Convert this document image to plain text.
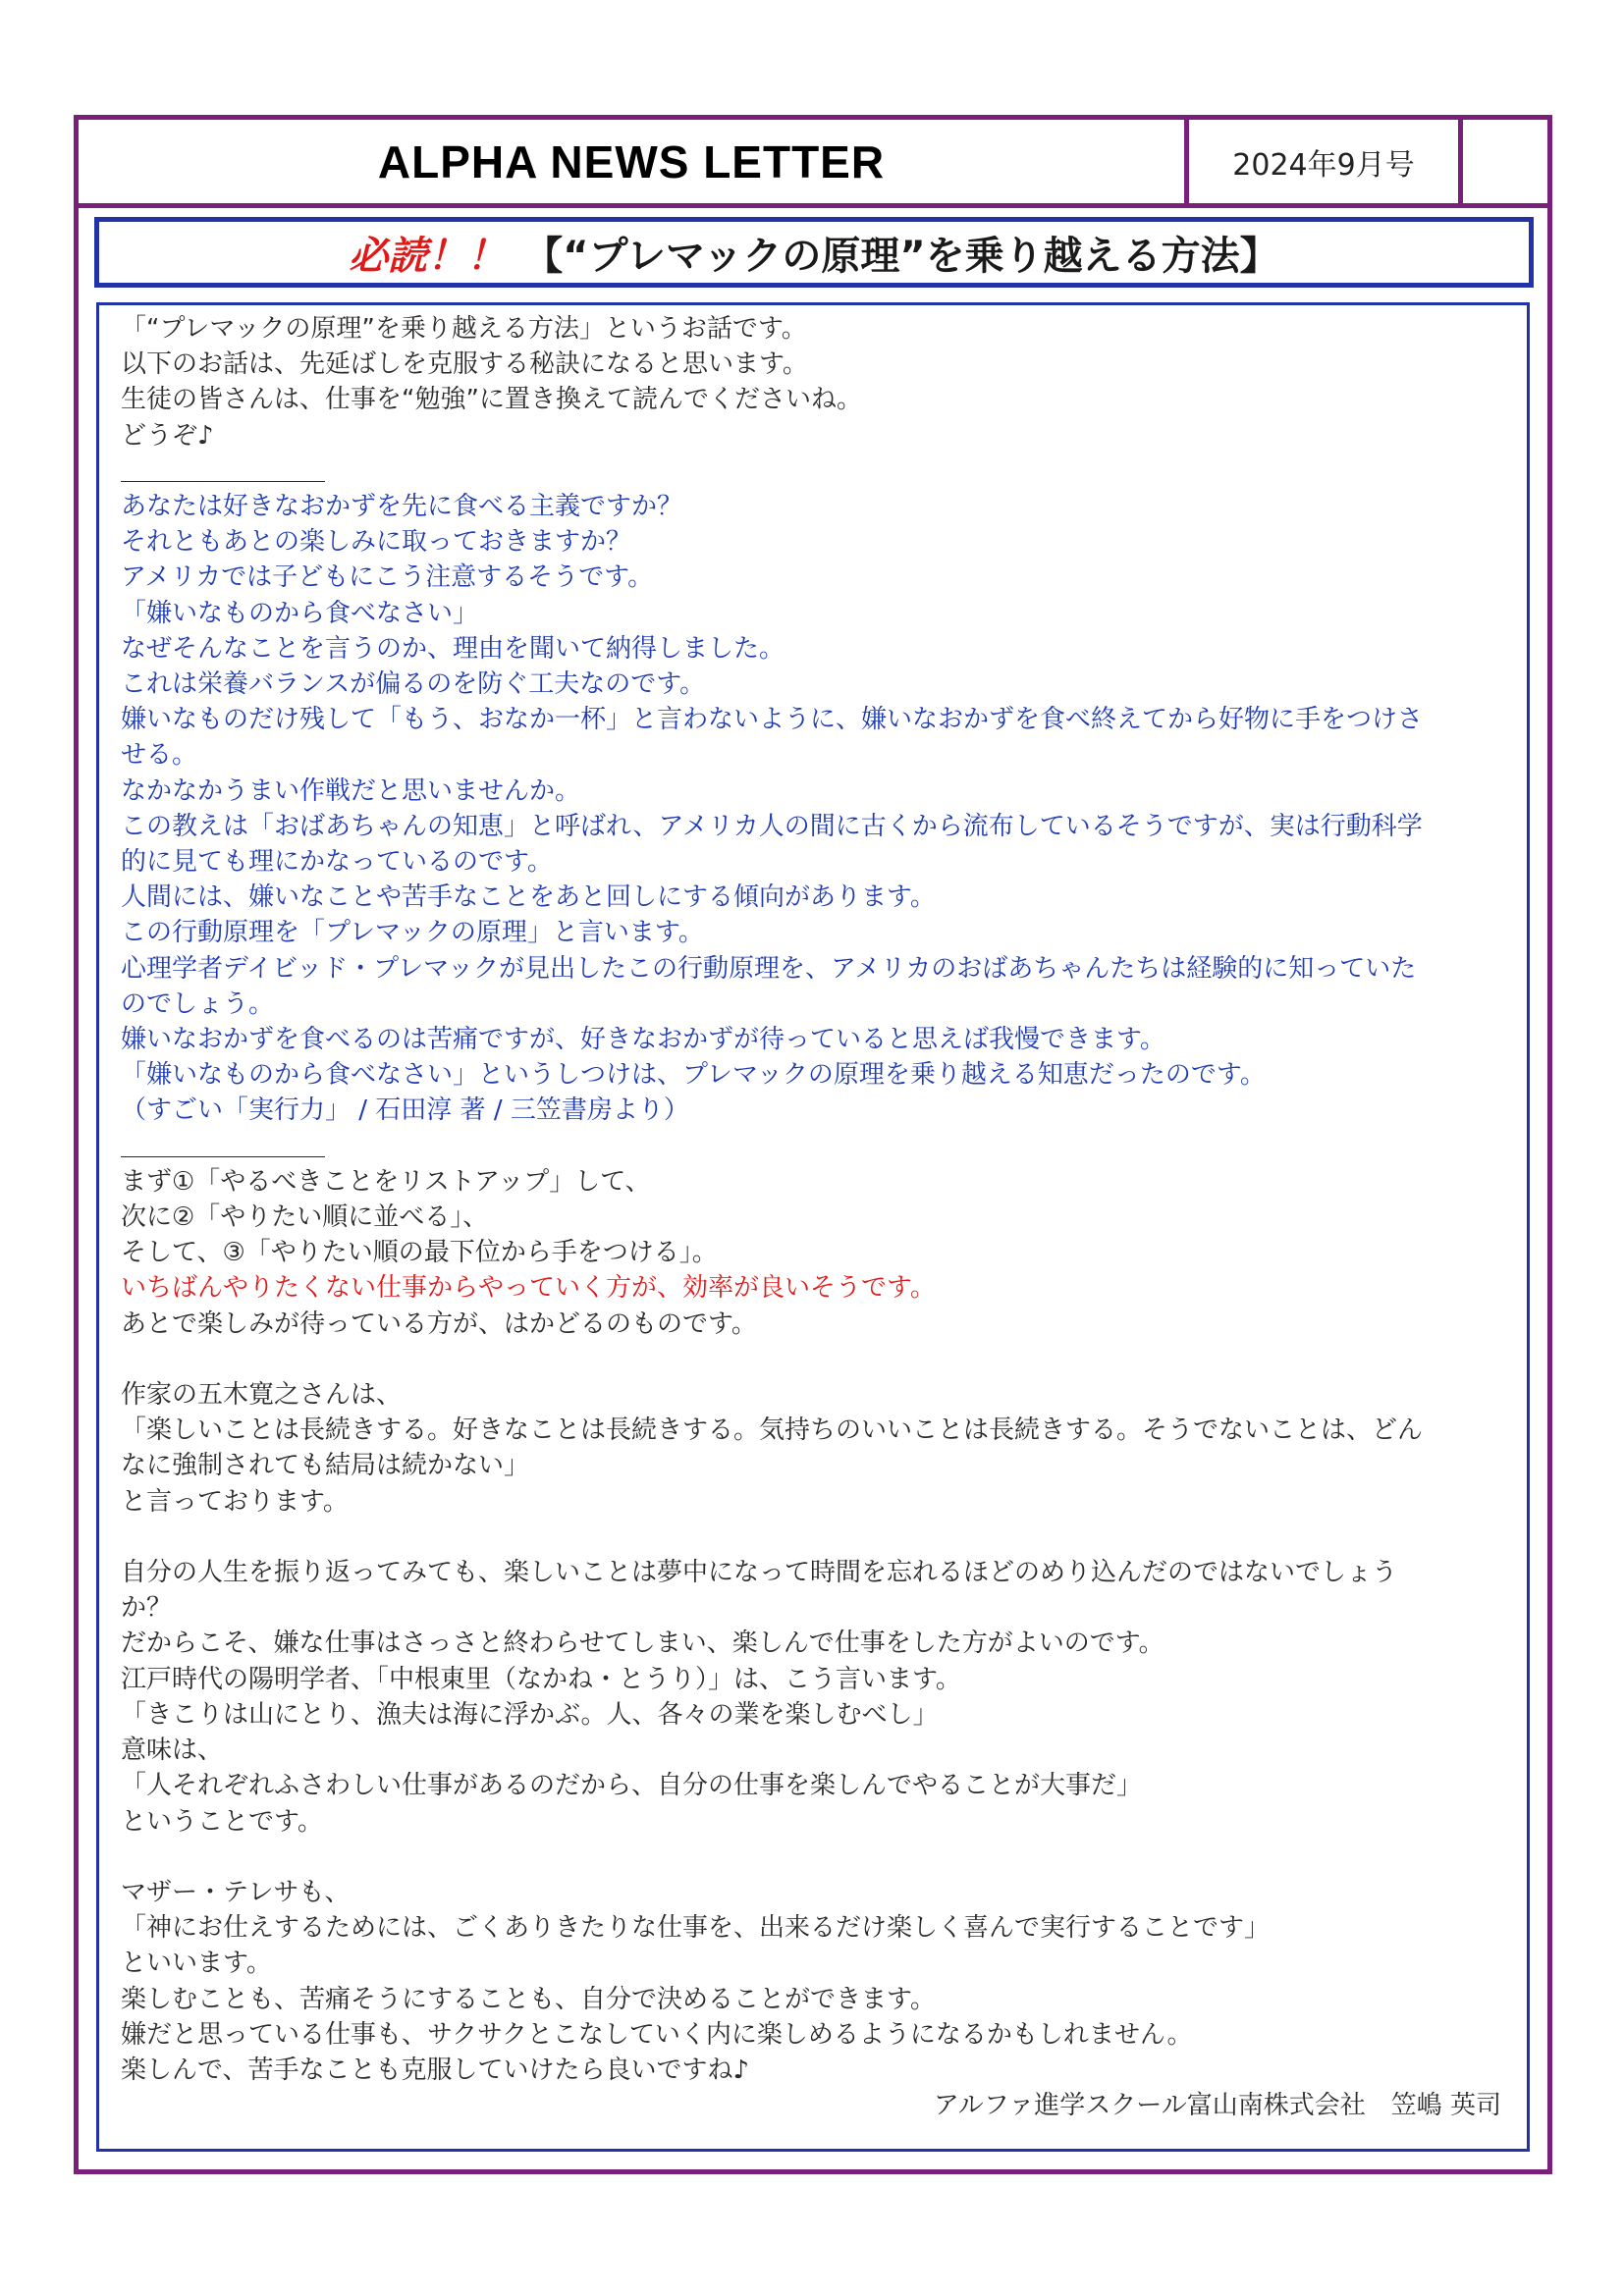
ALPHA NEWS LETTER	2024年9月号
必読！！ 【“プレマックの原理”を乗り越える方法】
「“プレマックの原理”を乗り越える方法」というお話です。
以下のお話は、先延ばしを克服する秘訣になると思います。
生徒の皆さんは、仕事を“勉強”に置き換えて読んでくださいね。
どうぞ♪
＿＿＿＿＿＿＿＿
あなたは好きなおかずを先に食べる主義ですか？
それともあとの楽しみに取っておきますか？
アメリカでは子どもにこう注意するそうです。
「嫌いなものから食べなさい」
なぜそんなことを言うのか、理由を聞いて納得しました。
これは栄養バランスが偏るのを防ぐ工夫なのです。
嫌いなものだけ残して「もう、おなか一杯」と言わないように、嫌いなおかずを食べ終えてから好物に手をつけさ
せる。
なかなかうまい作戦だと思いませんか。
この教えは「おばあちゃんの知恵」と呼ばれ、アメリカ人の間に古くから流布しているそうですが、実は行動科学
的に見ても理にかなっているのです。
人間には、嫌いなことや苦手なことをあと回しにする傾向があります。
この行動原理を「プレマックの原理」と言います。
心理学者デイビッド・プレマックが見出したこの行動原理を、アメリカのおばあちゃんたちは経験的に知っていた
のでしょう。
嫌いなおかずを食べるのは苦痛ですが、好きなおかずが待っていると思えば我慢できます。
「嫌いなものから食べなさい」というしつけは、プレマックの原理を乗り越える知恵だったのです。
（すごい「実行力」 / 石田淳 著 / 三笠書房より）
＿＿＿＿＿＿＿＿
まず①「やるべきことをリストアップ」して、
次に②「やりたい順に並べる」、
そして、③「やりたい順の最下位から手をつける」。
いちばんやりたくない仕事からやっていく方が、効率が良いそうです。
あとで楽しみが待っている方が、はかどるのものです。
作家の五木寛之さんは、
「楽しいことは長続きする。好きなことは長続きする。気持ちのいいことは長続きする。そうでないことは、どん
なに強制されても結局は続かない」
と言っております。
自分の人生を振り返ってみても、楽しいことは夢中になって時間を忘れるほどのめり込んだのではないでしょう
か？
だからこそ、嫌な仕事はさっさと終わらせてしまい、楽しんで仕事をした方がよいのです。
江戸時代の陽明学者、「中根東里（なかね・とうり）」は、こう言います。
「きこりは山にとり、漁夫は海に浮かぶ。人、各々の業を楽しむべし」
意味は、
「人それぞれふさわしい仕事があるのだから、自分の仕事を楽しんでやることが大事だ」
ということです。
マザー・テレサも、
「神にお仕えするためには、ごくありきたりな仕事を、出来るだけ楽しく喜んで実行することです」
といいます。
楽しむことも、苦痛そうにすることも、自分で決めることができます。
嫌だと思っている仕事も、サクサクとこなしていく内に楽しめるようになるかもしれません。
楽しんで、苦手なことも克服していけたら良いですね♪
アルファ進学スクール富山南株式会社　笠嶋 英司
